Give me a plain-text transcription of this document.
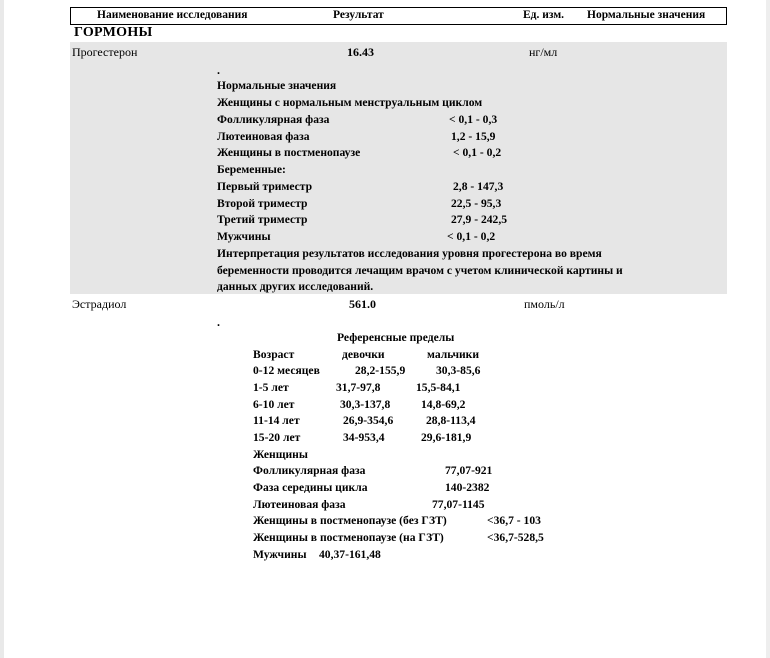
Наименование исследования	Результат	Ед. изм. Нормальные значения
ГОРМОНЫ
Прогестерон	16.43	нг/мл
.
Нормальные значения
Женщины с нормальным менструальным циклом
Фолликулярная фаза	< 0,1 - 0,3
Лютеиновая фаза	1,2 - 15,9
Женщины в постменопаузе	< 0,1 - 0,2
Беременные:
Первый триместр	2,8 - 147,3
Второй триместр	22,5 - 95,3
Третий триместр	27,9 - 242,5
Мужчины	< 0,1 - 0,2
Интерпретация результатов исследования уровня прогестерона во время
беременности проводится лечащим врачом с учетом клинической картины и
данных других исследований.
Эстрадиол	561.0	пмоль/л
.
Референсные пределы
Возраст	девочки	мальчики
0-12 месяцев	28,2-155,9	30,3-85,6
1-5 лет	31,7-97,8	15,5-84,1
6-10 лет	30,3-137,8	14,8-69,2
11-14 лет	26,9-354,6	28,8-113,4
15-20 лет	34-953,4	29,6-181,9
Женщины
Фолликулярная фаза	77,07-921
Фаза середины цикла	140-2382
Лютеиновая фаза	77,07-1145
Женщины в постменопаузе (без ГЗТ)	<36,7 - 103
Женщины в постменопаузе (на ГЗТ)	<36,7-528,5
Мужчины 40,37-161,48
